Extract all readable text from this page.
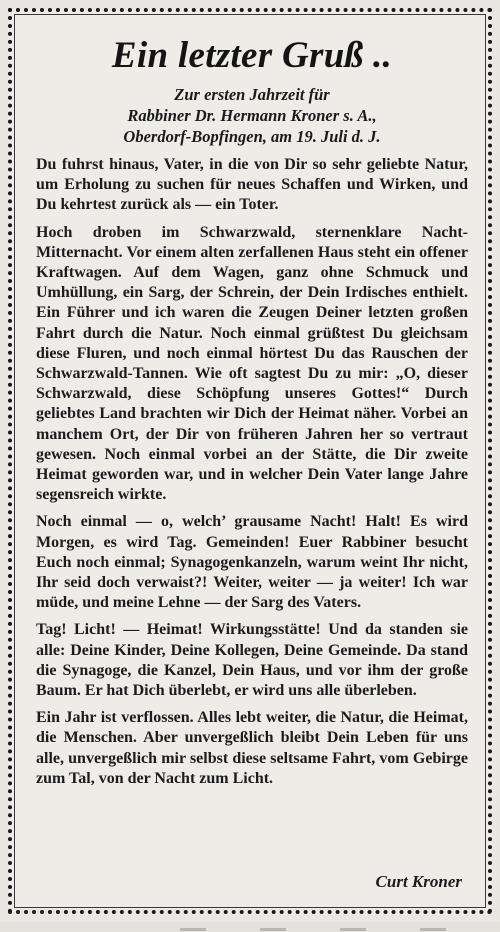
Ein letzter Gruß ..
Zur ersten Jahrzeit für
Rabbiner Dr. Hermann Kroner s. A.,
Oberdorf-Bopfingen, am 19. Juli d. J.

Du fuhrst hinaus, Vater, in die von Dir so sehr geliebte Natur, um Erholung zu suchen für neues Schaffen und Wirken, und Du kehrtest zurück als — ein Toter.

Hoch droben im Schwarzwald, sternenklare Nacht-Mitternacht. Vor einem alten zerfallenen Haus steht ein offener Kraftwagen. Auf dem Wagen, ganz ohne Schmuck und Umhüllung, ein Sarg, der Schrein, der Dein Irdisches enthielt. Ein Führer und ich waren die Zeugen Deiner letzten großen Fahrt durch die Natur. Noch einmal grüßtest Du gleichsam diese Fluren, und noch einmal hörtest Du das Rauschen der Schwarzwald-Tannen. Wie oft sagtest Du zu mir: „O, dieser Schwarzwald, diese Schöpfung unseres Gottes!“ Durch geliebtes Land brachten wir Dich der Heimat näher. Vorbei an manchem Ort, der Dir von früheren Jahren her so vertraut gewesen. Noch einmal vorbei an der Stätte, die Dir zweite Heimat geworden war, und in welcher Dein Vater lange Jahre segensreich wirkte.

Noch einmal — o, welch’ grausame Nacht! Halt! Es wird Morgen, es wird Tag. Gemeinden! Euer Rabbiner besucht Euch noch einmal; Synagogenkanzeln, warum weint Ihr nicht, Ihr seid doch verwaist?! Weiter, weiter — ja weiter! Ich war müde, und meine Lehne — der Sarg des Vaters.

Tag! Licht! — Heimat! Wirkungsstätte! Und da standen sie alle: Deine Kinder, Deine Kollegen, Deine Gemeinde. Da stand die Synagoge, die Kanzel, Dein Haus, und vor ihm der große Baum. Er hat Dich überlebt, er wird uns alle überleben.

Ein Jahr ist verflossen. Alles lebt weiter, die Natur, die Heimat, die Menschen. Aber unvergeßlich bleibt Dein Leben für uns alle, unvergeßlich mir selbst diese seltsame Fahrt, vom Gebirge zum Tal, von der Nacht zum Licht.

Curt Kroner
